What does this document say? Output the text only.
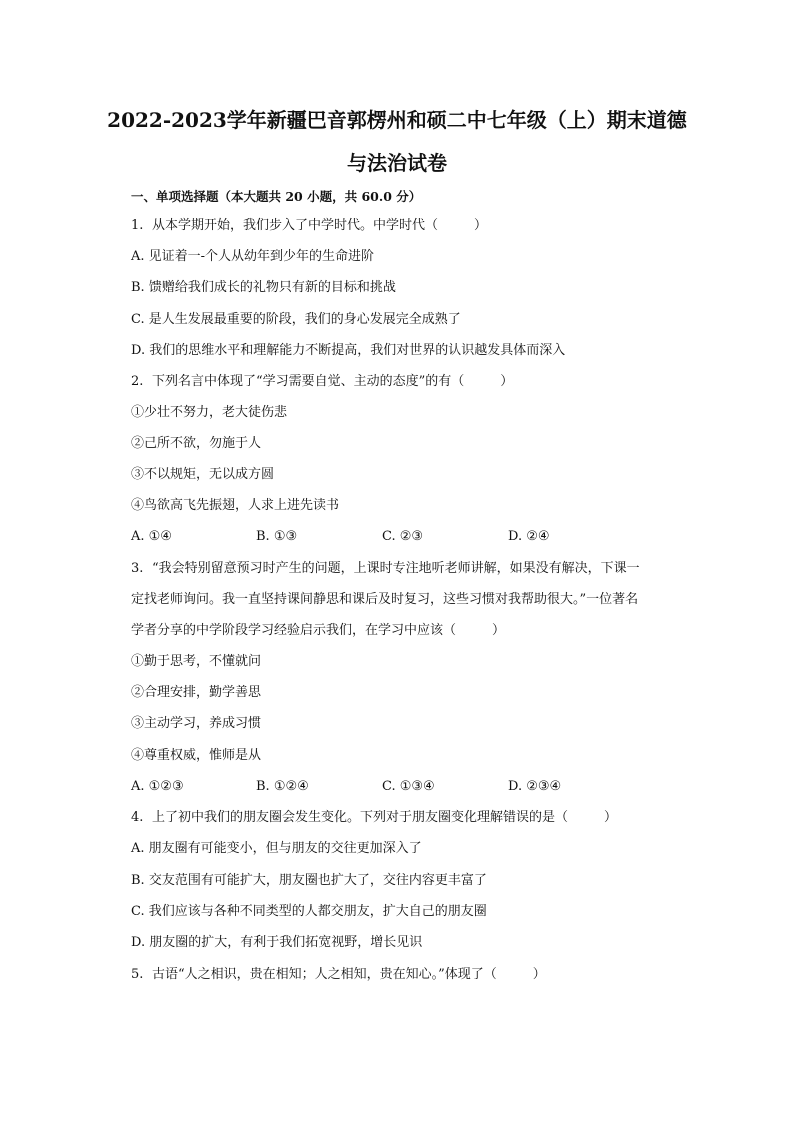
2022-2023学年新疆巴音郭楞州和硕二中七年级（上）期末道德
与法治试卷
一、单项选择题（本大题共 20 小题，共 60.0 分）
1. 从本学期开始，我们步入了中学时代。中学时代（	）
A. 见证着一-个人从幼年到少年的生命进阶
B. 馈赠给我们成长的礼物只有新的目标和挑战
C. 是人生发展最重要的阶段，我们的身心发展完全成熟了
D. 我们的思维水平和理解能力不断提高，我们对世界的认识越发具体而深入
2. 下列名言中体现了“学习需要自觉、主动的态度”的有（	）
①少壮不努力，老大徒伤悲
②己所不欲，勿施于人
③不以规矩，无以成方圆
④鸟欲高飞先振翅，人求上进先读书
A. ①④	B. ①③	C. ②③	D. ②④
3. “我会特别留意预习时产生的问题，上课时专注地听老师讲解，如果没有解决，下课一
定找老师询问。我一直坚持课间静思和课后及时复习，这些习惯对我帮助很大。”一位著名
学者分享的中学阶段学习经验启示我们，在学习中应该（	）
①勤于思考，不懂就问
②合理安排，勤学善思
③主动学习，养成习惯
④尊重权威，惟师是从
A. ①②③	B. ①②④	C. ①③④	D. ②③④
4. 上了初中我们的朋友圈会发生变化。下列对于朋友圈变化理解错误的是（	）
A. 朋友圈有可能变小，但与朋友的交往更加深入了
B. 交友范围有可能扩大，朋友圈也扩大了，交往内容更丰富了
C. 我们应该与各种不同类型的人都交朋友，扩大自己的朋友圈
D. 朋友圈的扩大，有利于我们拓宽视野，增长见识
5. 古语“人之相识，贵在相知；人之相知，贵在知心。”体现了（	）
